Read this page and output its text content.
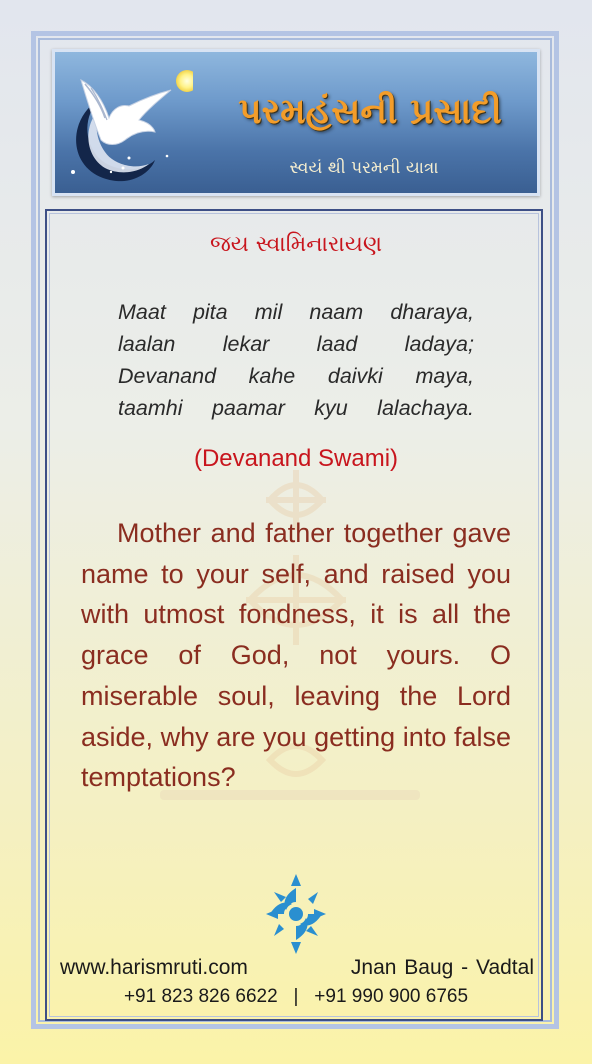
પરમહંસની પ્રસાદી
સ્વયં થી પરમની યાત્રા
જય સ્વામિનારાયણ
Maat pita mil naam dharaya,
laalan lekar laad ladaya;
Devanand kahe daivki maya,
taamhi paamar kyu lalachaya.
(Devanand Swami)

Mother and father together gave name to your self, and raised you with utmost fondness, it is all the grace of God, not yours. O miserable soul, leaving the Lord aside, why are you getting into false temptations?

www.harismruti.com	Jnan Baug - Vadtal
+91 823 826 6622   |   +91 990 900 6765
